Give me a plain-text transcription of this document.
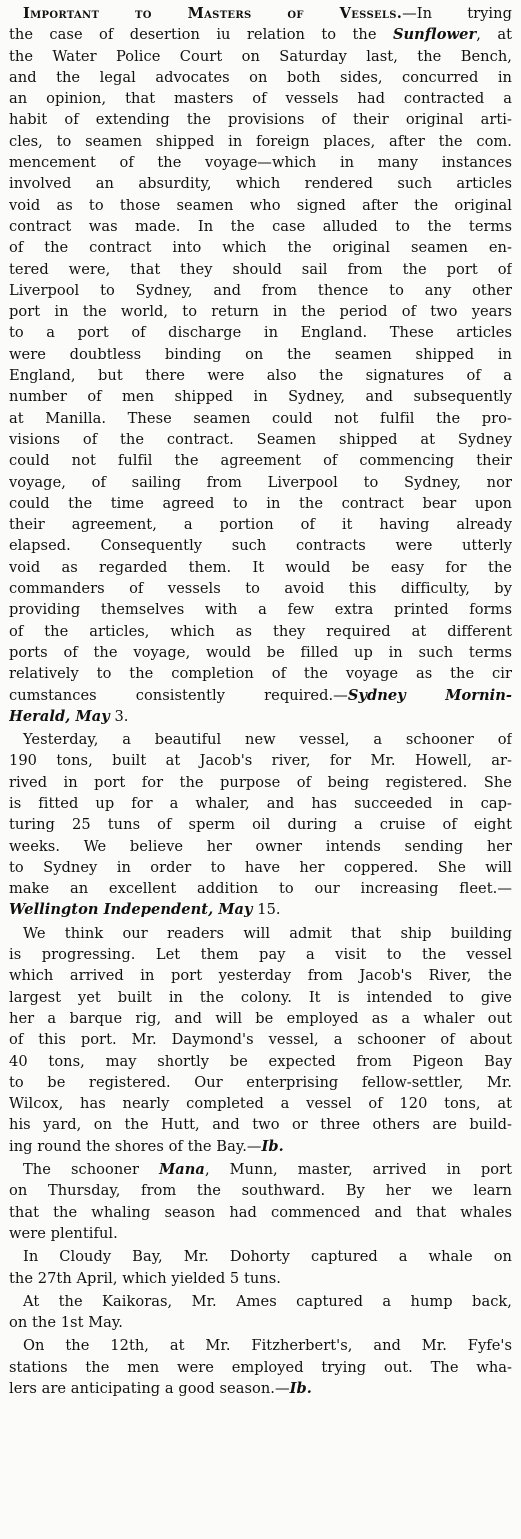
Important to Masters of Vessels.—In trying
the case of desertion iu relation to the Sunflower, at
the Water Police Court on Saturday last, the Bench,
and the legal advocates on both sides, concurred in
an opinion, that masters of vessels had contracted a
habit of extending the provisions of their original arti-
cles, to seamen shipped in foreign places, after the com.
mencement of the voyage—which in many instances
involved an absurdity, which rendered such articles
void as to those seamen who signed after the original
contract was made. In the case alluded to the terms
of the contract into which the original seamen en-
tered were, that they should sail from the port of
Liverpool to Sydney, and from thence to any other
port in the world, to return in the period of two years
to a port of discharge in England. These articles
were doubtless binding on the seamen shipped in
England, but there were also the signatures of a
number of men shipped in Sydney, and subsequently
at Manilla. These seamen could not fulfil the pro-
visions of the contract. Seamen shipped at Sydney
could not fulfil the agreement of commencing their
voyage, of sailing from Liverpool to Sydney, nor
could the time agreed to in the contract bear upon
their agreement, a portion of it having already
elapsed. Consequently such contracts were utterly
void as regarded them. It would be easy for the
commanders of vessels to avoid this difficulty, by
providing themselves with a few extra printed forms
of the articles, which as they required at different
ports of the voyage, would be filled up in such terms
relatively to the completion of the voyage as the cir
cumstances consistently required.—Sydney Mornin-
Herald, May 3.
Yesterday, a beautiful new vessel, a schooner of
190 tons, built at Jacob's river, for Mr. Howell, ar-
rived in port for the purpose of being registered. She
is fitted up for a whaler, and has succeeded in cap-
turing 25 tuns of sperm oil during a cruise of eight
weeks. We believe her owner intends sending her
to Sydney in order to have her coppered. She will
make an excellent addition to our increasing fleet.—
Wellington Independent, May 15.
We think our readers will admit that ship building
is progressing. Let them pay a visit to the vessel
which arrived in port yesterday from Jacob's River, the
largest yet built in the colony. It is intended to give
her a barque rig, and will be employed as a whaler out
of this port. Mr. Daymond's vessel, a schooner of about
40 tons, may shortly be expected from Pigeon Bay
to be registered. Our enterprising fellow-settler, Mr.
Wilcox, has nearly completed a vessel of 120 tons, at
his yard, on the Hutt, and two or three others are build-
ing round the shores of the Bay.—Ib.
The schooner Mana, Munn, master, arrived in port
on Thursday, from the southward. By her we learn
that the whaling season had commenced and that whales
were plentiful.
In Cloudy Bay, Mr. Dohorty captured a whale on
the 27th April, which yielded 5 tuns.
At the Kaikoras, Mr. Ames captured a hump back,
on the 1st May.
On the 12th, at Mr. Fitzherbert's, and Mr. Fyfe's
stations the men were employed trying out. The wha-
lers are anticipating a good season.—Ib.
